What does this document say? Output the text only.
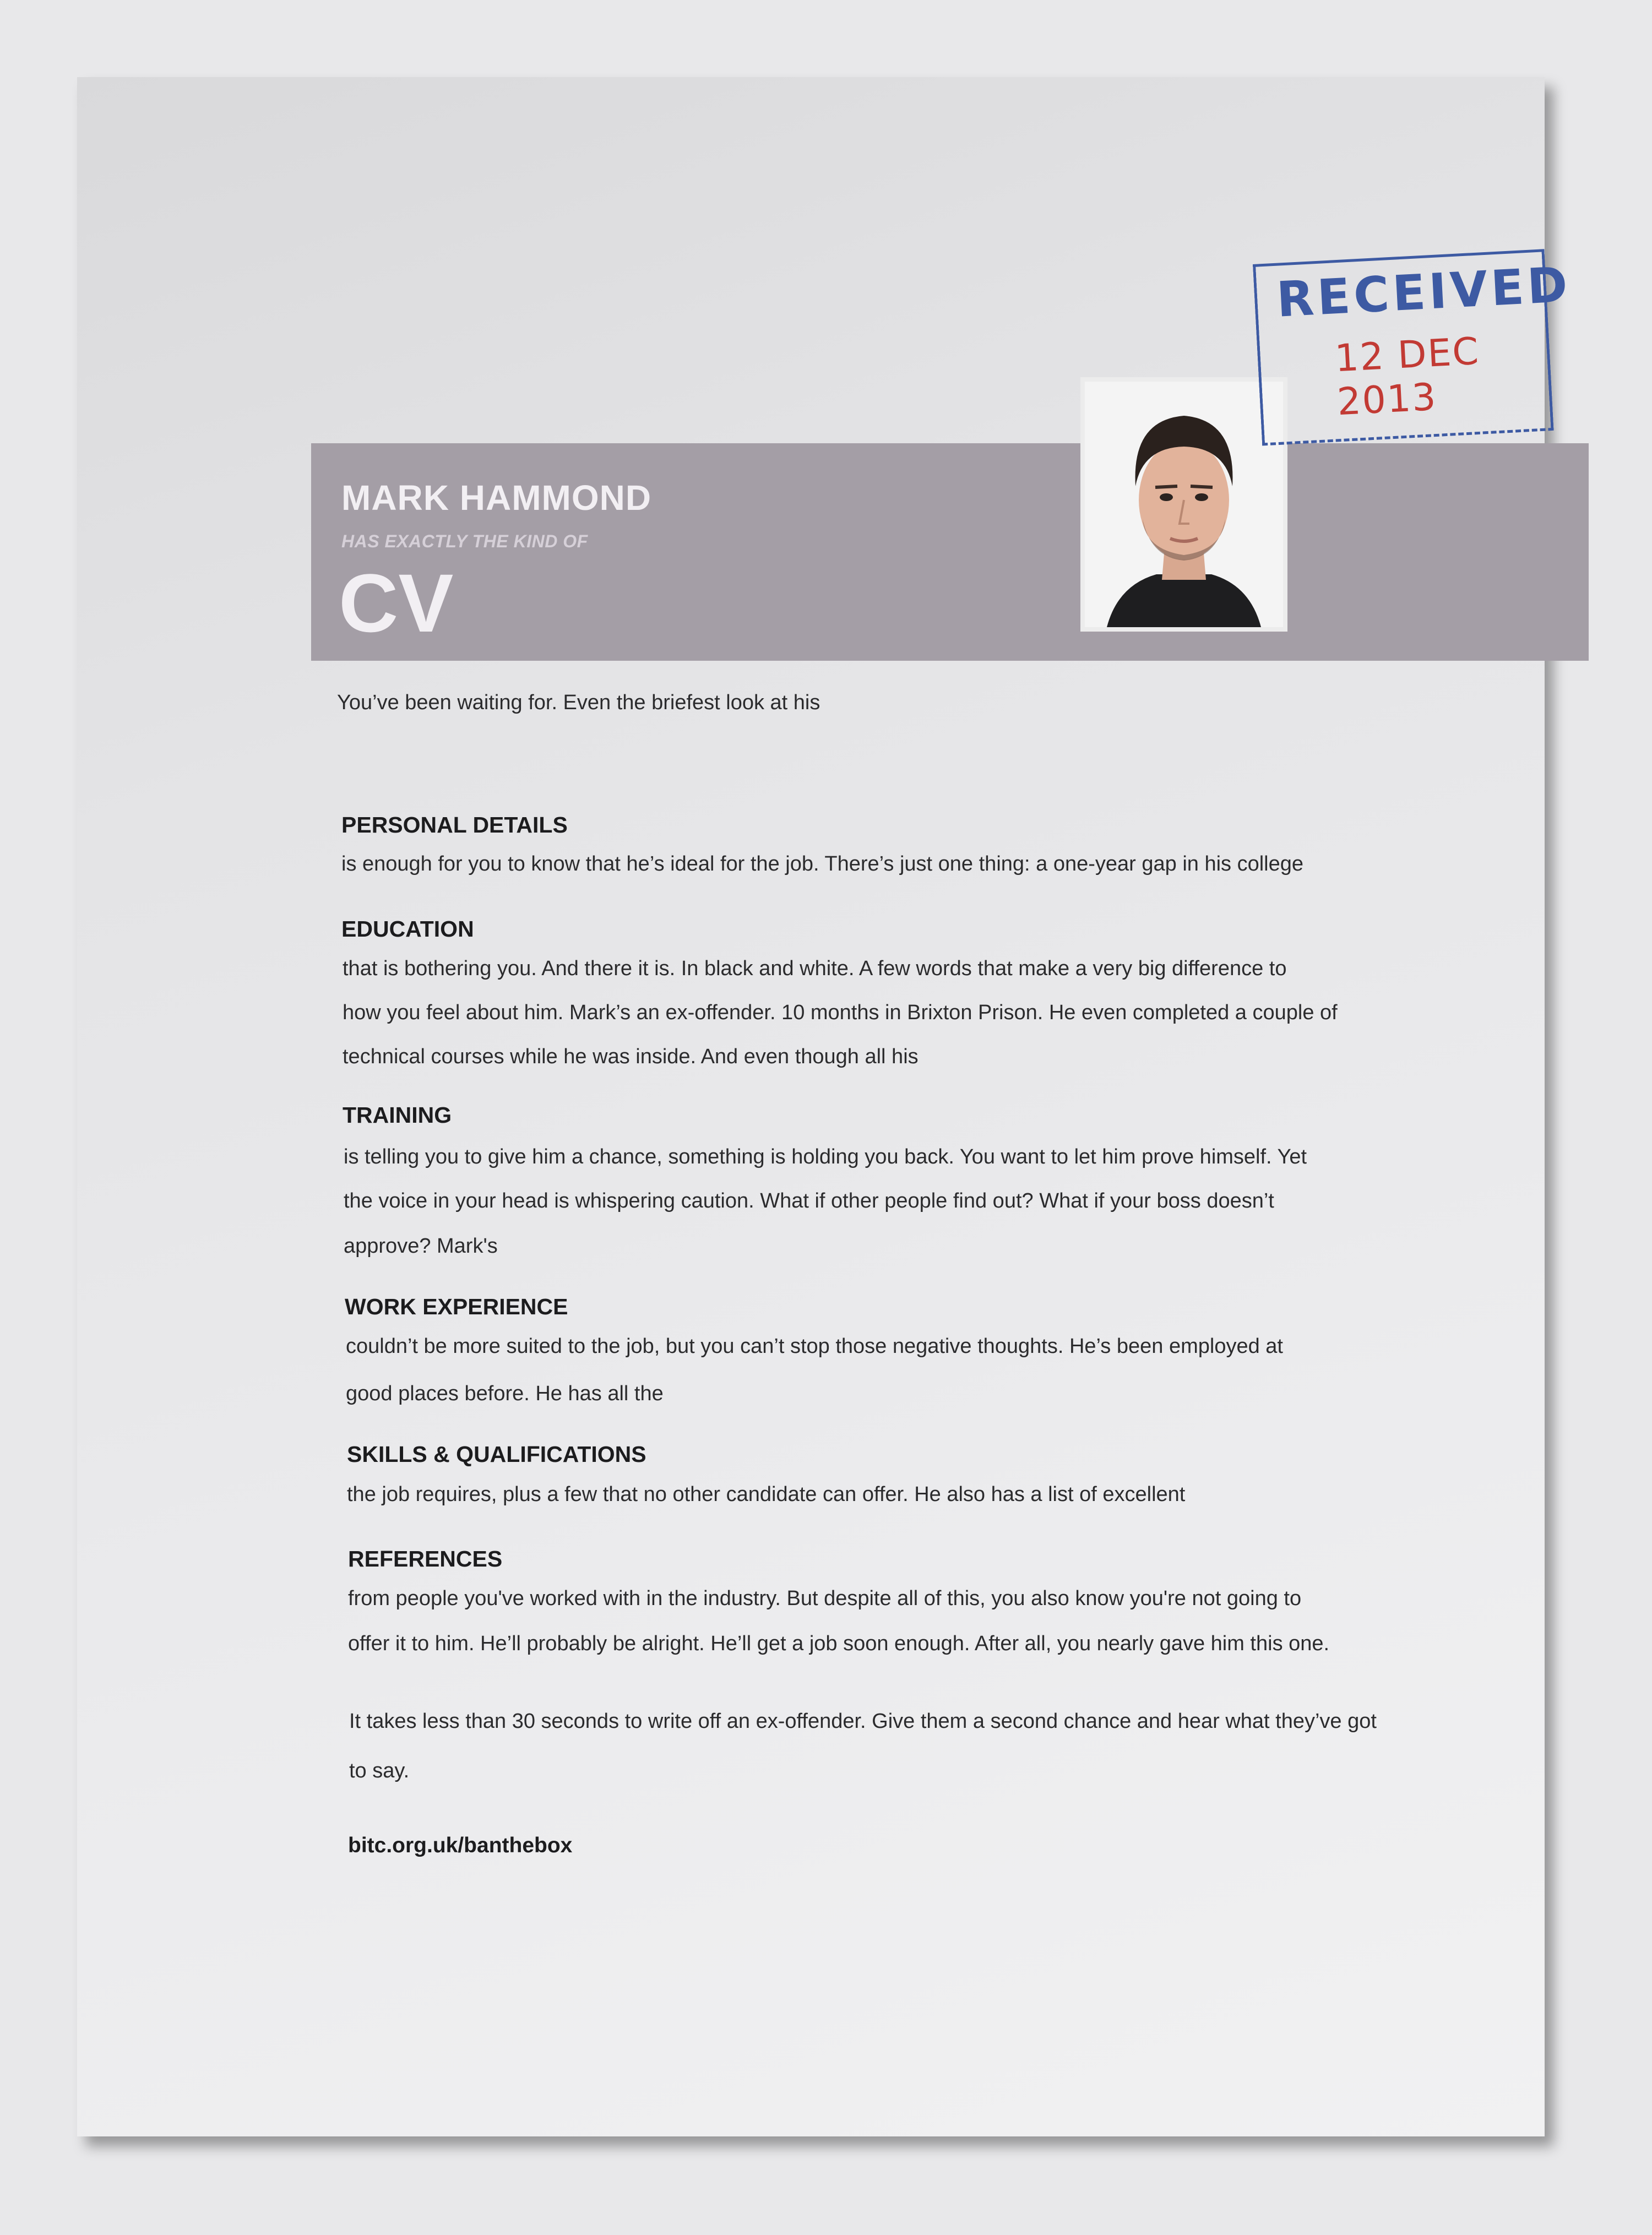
MARK HAMMOND
HAS EXACTLY THE KIND OF
CV
RECEIVED
12 DEC 2013
You’ve been waiting for. Even the briefest look at his
PERSONAL DETAILS
is enough for you to know that he’s ideal for the job. There’s just one thing: a one-year gap in his college
EDUCATION
that is bothering you. And there it is. In black and white. A few words that make a very big difference to
how you feel about him. Mark’s an ex-offender. 10 months in Brixton Prison. He even completed a couple of
technical courses while he was inside. And even though all his
TRAINING
is telling you to give him a chance, something is holding you back. You want to let him prove himself. Yet
the voice in your head is whispering caution. What if other people find out? What if your boss doesn’t
approve? Mark's
WORK EXPERIENCE
couldn’t be more suited to the job, but you can’t stop those negative thoughts. He’s been employed at
good places before. He has all the
SKILLS & QUALIFICATIONS
the job requires, plus a few that no other candidate can offer. He also has a list of excellent
REFERENCES
from people you've worked with in the industry. But despite all of this, you also know you're not going to
offer it to him. He’ll probably be alright. He’ll get a job soon enough. After all, you nearly gave him this one.
It takes less than 30 seconds to write off an ex-offender. Give them a second chance and hear what they’ve got
to say.
bitc.org.uk/banthebox
